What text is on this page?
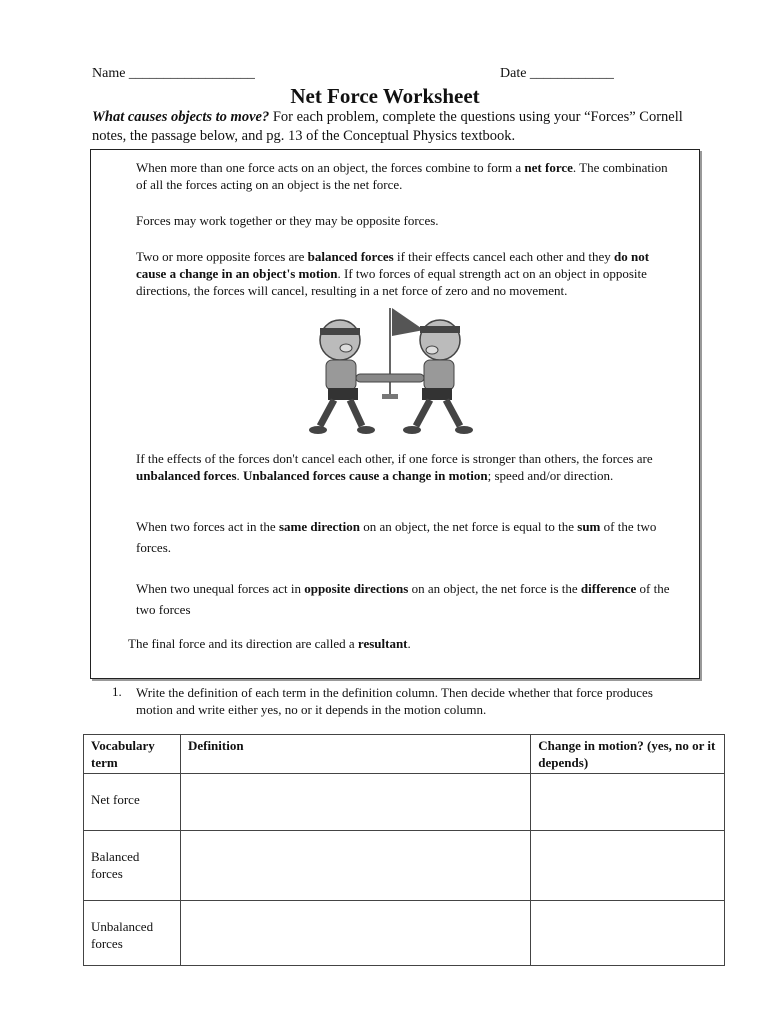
Name __________________	Date ____________
Net Force Worksheet
What causes objects to move? For each problem, complete the questions using your “Forces” Cornell notes, the passage below, and pg. 13 of the Conceptual Physics textbook.
When more than one force acts on an object, the forces combine to form a net force. The combination of all the forces acting on an object is the net force.
Forces may work together or they may be opposite forces.
Two or more opposite forces are balanced forces if their effects cancel each other and they do not cause a change in an object's motion. If two forces of equal strength act on an object in opposite directions, the forces will cancel, resulting in a net force of zero and no movement.
If the effects of the forces don't cancel each other, if one force is stronger than others, the forces are unbalanced forces. Unbalanced forces cause a change in motion; speed and/or direction.
When two forces act in the same direction on an object, the net force is equal to the sum of the two forces.
When two unequal forces act in opposite directions on an object, the net force is the difference of the two forces
The final force and its direction are called a resultant.
1. Write the definition of each term in the definition column. Then decide whether that force produces motion and write either yes, no or it depends in the motion column.
Vocabulary term	Definition	Change in motion? (yes, no or it depends)
Net force		
Balanced forces		
Unbalanced forces		
